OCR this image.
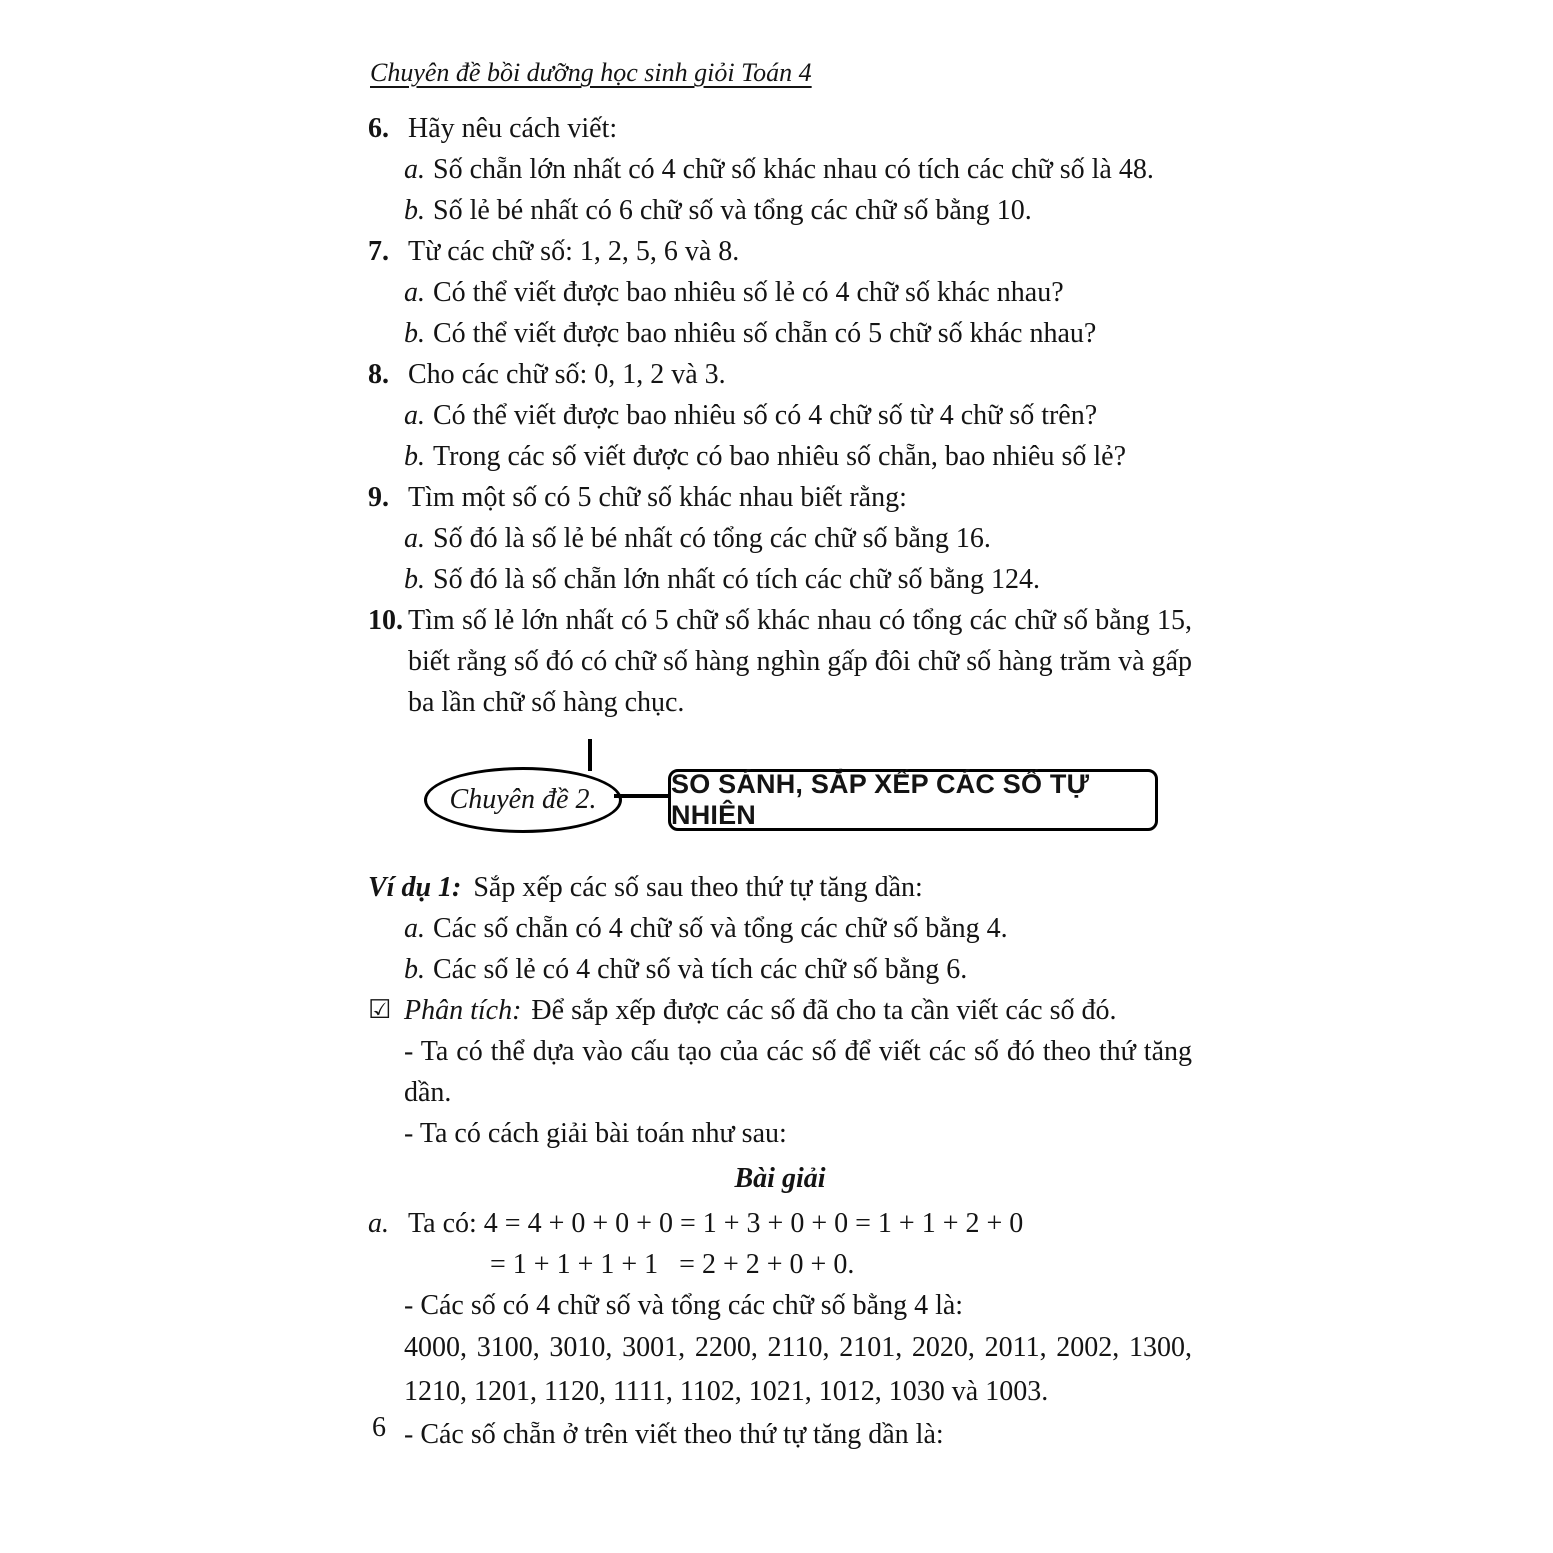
Chuyên đề bồi dưỡng học sinh giỏi Toán 4
6. Hãy nêu cách viết:
a. Số chẵn lớn nhất có 4 chữ số khác nhau có tích các chữ số là 48.
b. Số lẻ bé nhất có 6 chữ số và tổng các chữ số bằng 10.
7. Từ các chữ số: 1, 2, 5, 6 và 8.
a. Có thể viết được bao nhiêu số lẻ có 4 chữ số khác nhau?
b. Có thể viết được bao nhiêu số chẵn có 5 chữ số khác nhau?
8. Cho các chữ số: 0, 1, 2 và 3.
a. Có thể viết được bao nhiêu số có 4 chữ số từ 4 chữ số trên?
b. Trong các số viết được có bao nhiêu số chẵn, bao nhiêu số lẻ?
9. Tìm một số có 5 chữ số khác nhau biết rằng:
a. Số đó là số lẻ bé nhất có tổng các chữ số bằng 16.
b. Số đó là số chẵn lớn nhất có tích các chữ số bằng 124.
10. Tìm số lẻ lớn nhất có 5 chữ số khác nhau có tổng các chữ số bằng 15, biết rằng số đó có chữ số hàng nghìn gấp đôi chữ số hàng trăm và gấp ba lần chữ số hàng chục.
Chuyên đề 2.	SO SÁNH, SẮP XẾP CÁC SỐ TỰ NHIÊN
Ví dụ 1: Sắp xếp các số sau theo thứ tự tăng dần:
a. Các số chẵn có 4 chữ số và tổng các chữ số bằng 4.
b. Các số lẻ có 4 chữ số và tích các chữ số bằng 6.
☑ Phân tích: Để sắp xếp được các số đã cho ta cần viết các số đó.
- Ta có thể dựa vào cấu tạo của các số để viết các số đó theo thứ tăng dần.
- Ta có cách giải bài toán như sau:
Bài giải
a. Ta có: 4 = 4 + 0 + 0 + 0 = 1 + 3 + 0 + 0 = 1 + 1 + 2 + 0
= 1 + 1 + 1 + 1   = 2 + 2 + 0 + 0.
- Các số có 4 chữ số và tổng các chữ số bằng 4 là:
4000, 3100, 3010, 3001, 2200, 2110, 2101, 2020, 2011, 2002, 1300, 1210, 1201, 1120, 1111, 1102, 1021, 1012, 1030 và 1003.
- Các số chẵn ở trên viết theo thứ tự tăng dần là:
6
